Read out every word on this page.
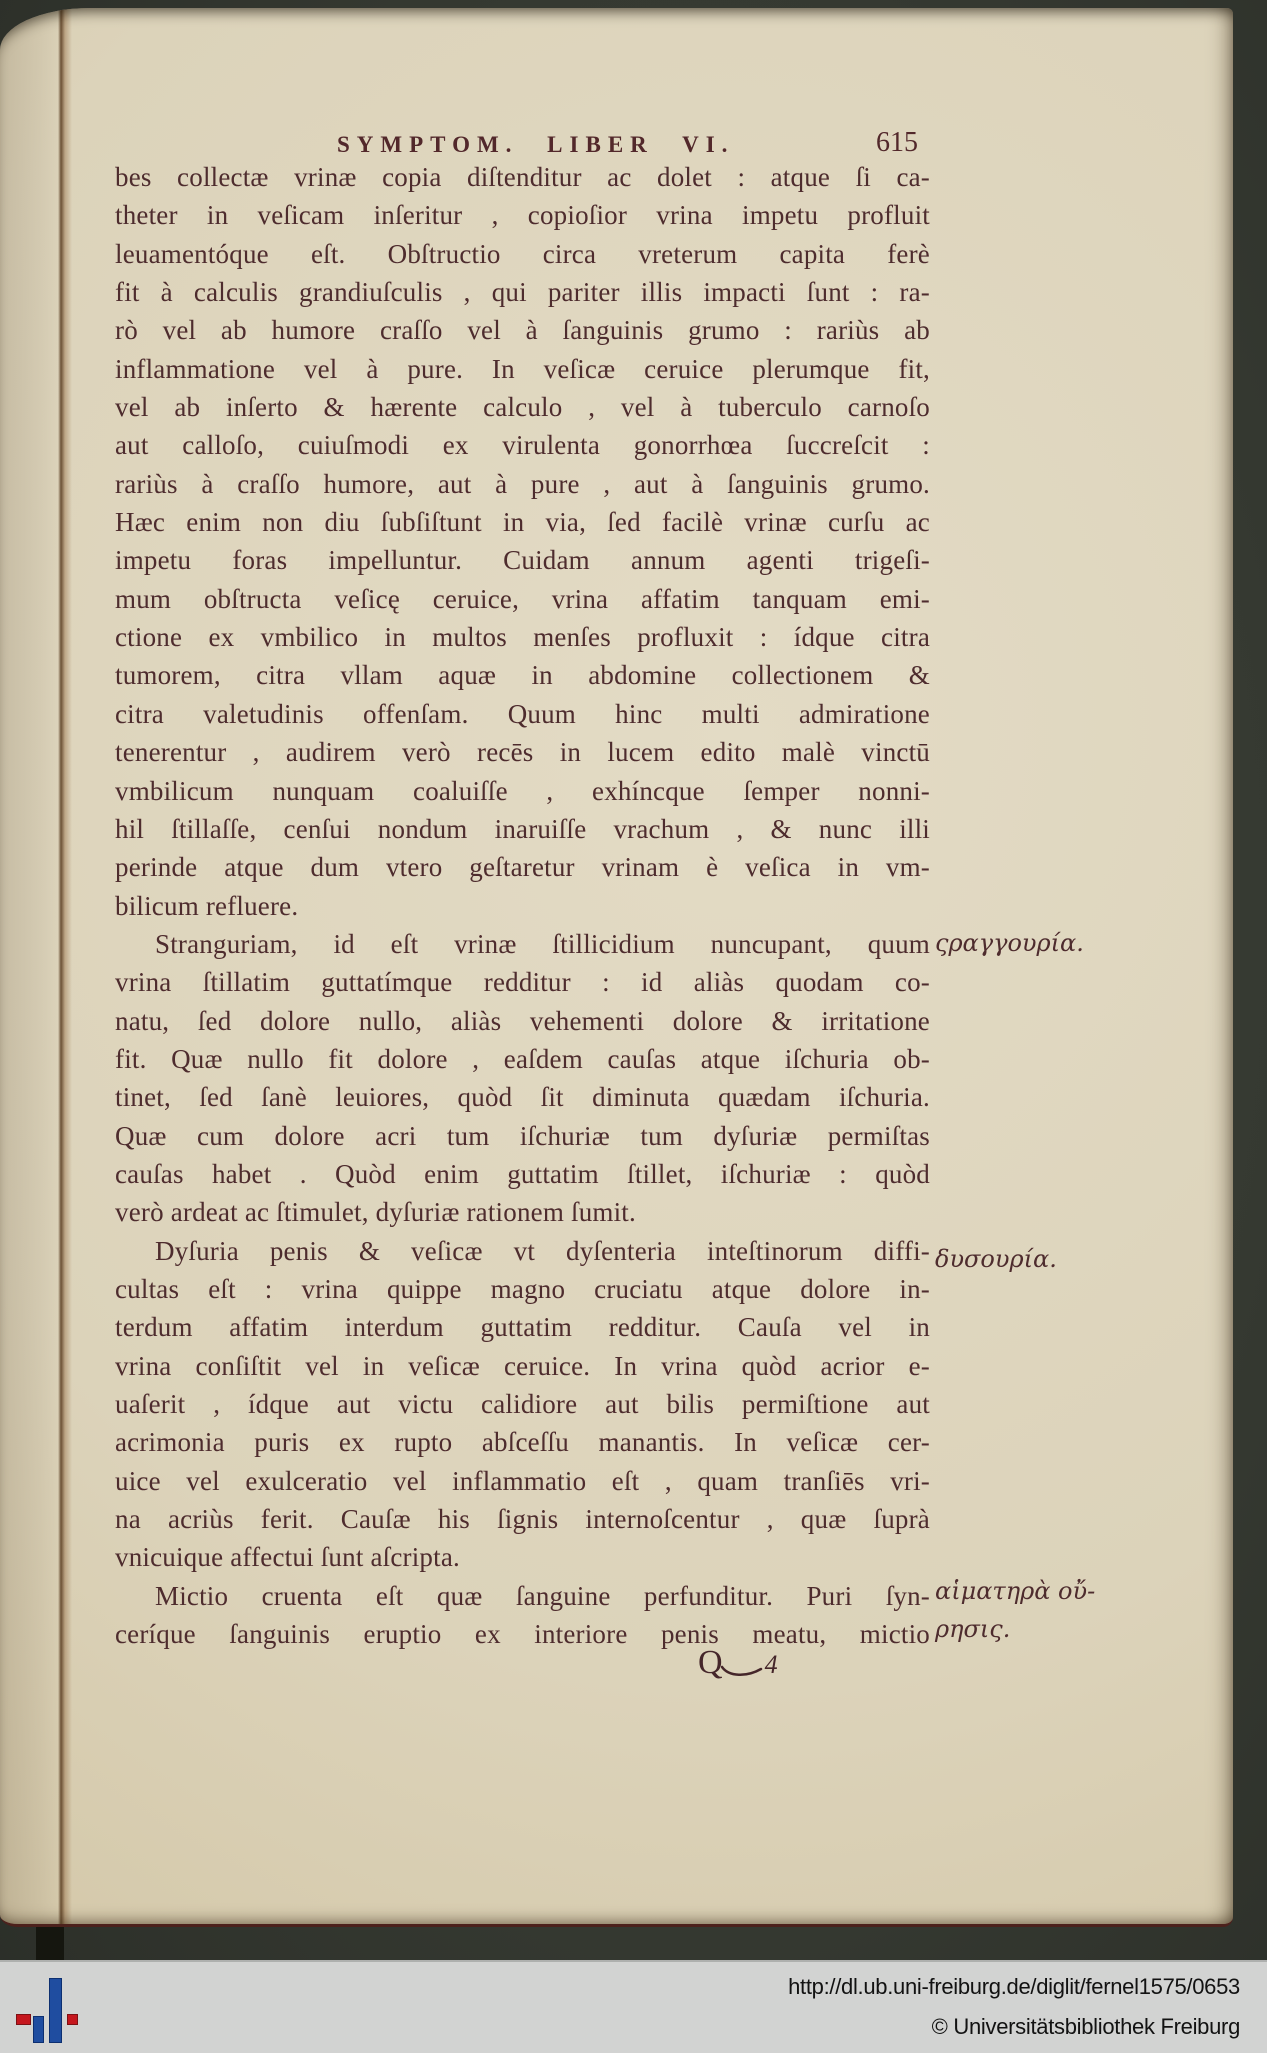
SYMPTOM. LIBER VI.	615
bes collectæ vrinæ copia diſtenditur ac dolet : atque ſi ca-
theter in veſicam inſeritur , copioſior vrina impetu profluit
leuamentóque eſt. Obſtructio circa vreterum capita ferè
fit à calculis grandiuſculis , qui pariter illis impacti ſunt : ra-
rò vel ab humore craſſo vel à ſanguinis grumo : rariùs ab
inflammatione vel à pure. In veſicæ ceruice plerumque fit,
vel ab inſerto & hærente calculo , vel à tuberculo carnoſo
aut calloſo, cuiuſmodi ex virulenta gonorrhœa ſuccreſcit :
rariùs à craſſo humore, aut à pure , aut à ſanguinis grumo.
Hæc enim non diu ſubſiſtunt in via, ſed facilè vrinæ curſu ac
impetu foras impelluntur. Cuidam annum agenti trigeſi-
mum obſtructa veſicę ceruice, vrina affatim tanquam emi-
ctione ex vmbilico in multos menſes profluxit : ídque citra
tumorem, citra vllam aquæ in abdomine collectionem &
citra valetudinis offenſam. Quum hinc multi admiratione
tenerentur , audirem verò recēs in lucem edito malè vinctū
vmbilicum nunquam coaluiſſe , exhíncque ſemper nonni-
hil ſtillaſſe, cenſui nondum inaruiſſe vrachum , & nunc illi
perinde atque dum vtero geſtaretur vrinam è veſica in vm-
bilicum refluere.
Stranguriam, id eſt vrinæ ſtillicidium nuncupant, quum
vrina ſtillatim guttatímque redditur : id aliàs quodam co-
natu, ſed dolore nullo, aliàs vehementi dolore & irritatione
fit. Quæ nullo fit dolore , eaſdem cauſas atque iſchuria ob-
tinet, ſed ſanè leuiores, quòd ſit diminuta quædam iſchuria.
Quæ cum dolore acri tum iſchuriæ tum dyſuriæ permiſtas
cauſas habet . Quòd enim guttatim ſtillet, iſchuriæ : quòd
verò ardeat ac ſtimulet, dyſuriæ rationem ſumit.
Dyſuria penis & veſicæ vt dyſenteria inteſtinorum diffi-
cultas eſt : vrina quippe magno cruciatu atque dolore in-
terdum affatim interdum guttatim redditur. Cauſa vel in
vrina conſiſtit vel in veſicæ ceruice. In vrina quòd acrior e-
uaſerit , ídque aut victu calidiore aut bilis permiſtione aut
acrimonia puris ex rupto abſceſſu manantis. In veſicæ cer-
uice vel exulceratio vel inflammatio eſt , quam tranſiēs vri-
na acriùs ferit. Cauſæ his ſignis internoſcentur , quæ ſuprà
vnicuique affectui ſunt aſcripta.
Mictio cruenta eſt quæ ſanguine perfunditur. Puri ſyn-
ceríque ſanguinis eruptio ex interiore penis meatu, mictio
ςραγγουρία.
δυσουρία.
αἱματηρὰ οὔ-
ρησις.
Q 4
http://dl.ub.uni-freiburg.de/diglit/fernel1575/0653
© Universitätsbibliothek Freiburg
